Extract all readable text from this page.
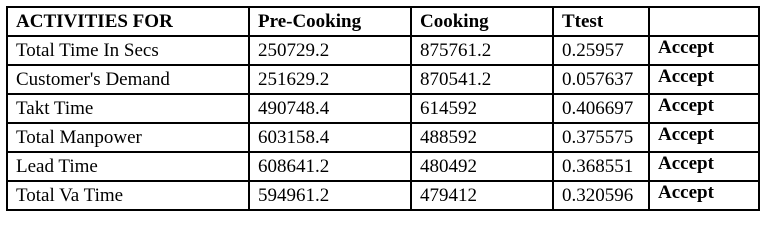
ACTIVITIES FOR	Pre-Cooking	Cooking	Ttest	
Total Time In Secs	250729.2	875761.2	0.25957	Accept
Customer's Demand	251629.2	870541.2	0.057637	Accept
Takt Time	490748.4	614592	0.406697	Accept
Total Manpower	603158.4	488592	0.375575	Accept
Lead Time	608641.2	480492	0.368551	Accept
Total Va Time	594961.2	479412	0.320596	Accept
